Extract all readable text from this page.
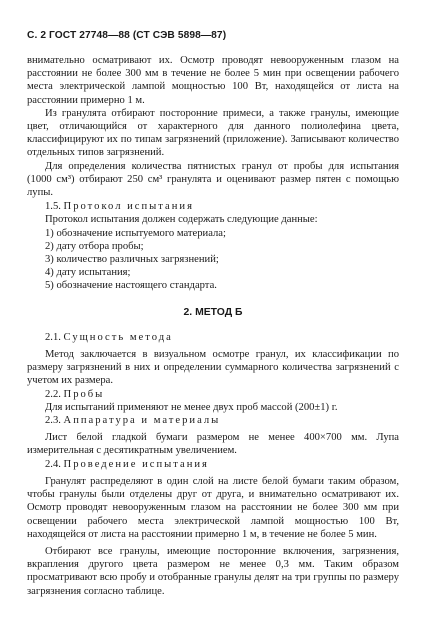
С. 2 ГОСТ 27748—88 (СТ СЭВ 5898—87)

внимательно осматривают их. Осмотр проводят невооруженным глазом на расстоянии не более 300 мм в течение не более 5 мин при освещении рабочего места электрической лампой мощностью 100 Вт, находящейся от листа на расстоянии примерно 1 м.

Из гранулята отбирают посторонние примеси, а также гранулы, имеющие цвет, отличающийся от характерного для данного полиолефина цвета, классифицируют их по типам загрязнений (приложение). Записывают количество отдельных типов загрязнений.

Для определения количества пятнистых гранул от пробы для испытания (1000 см³) отбирают 250 см³ гранулята и оценивают размер пятен с помощью лупы.

1.5. Протокол испытания

Протокол испытания должен содержать следующие данные:

1) обозначение испытуемого материала;
2) дату отбора пробы;
3) количество различных загрязнений;
4) дату испытания;
5) обозначение настоящего стандарта.
2. МЕТОД Б

2.1. Сущность метода

Метод заключается в визуальном осмотре гранул, их классификации по размеру загрязнений в них и определении суммарного количества загрязнений с учетом их размера.

2.2. Пробы

Для испытаний применяют не менее двух проб массой (200±1) г.

2.3. Аппаратура и материалы

Лист белой гладкой бумаги размером не менее 400×700 мм. Лупа измерительная с десятикратным увеличением.

2.4. Проведение испытания

Гранулят распределяют в один слой на листе белой бумаги таким образом, чтобы гранулы были отделены друг от друга, и внимательно осматривают их. Осмотр проводят невооруженным глазом на расстоянии не более 300 мм при освещении рабочего места электрической лампой мощностью 100 Вт, находящейся от листа на расстоянии примерно 1 м, в течение не более 5 мин.

Отбирают все гранулы, имеющие посторонние включения, загрязнения, вкрапления другого цвета размером не менее 0,3 мм. Таким образом просматривают всю пробу и отобранные гранулы делят на три группы по размеру загрязнения согласно таблице.
